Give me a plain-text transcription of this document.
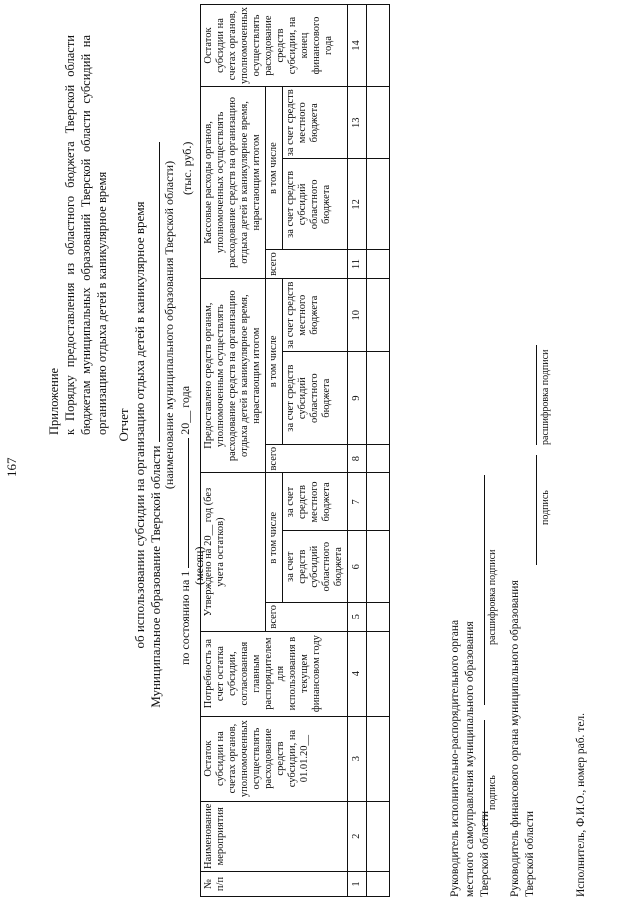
167
Приложение к Порядку предоставления из областного бюджета Тверской области бюджетам муниципальных образований Тверской области субсидий на организацию отдыха детей в каникулярное время Отчет об использовании субсидии на организацию отдыха детей в каникулярное время Муниципальное образование Тверской области
(наименование муниципального образования Тверской области)
по состоянию на 1  20__ года
(месяц)
(тыс. руб.)
№ п/п	Наименование мероприятия	Остаток субсидии на счетах органов, уполномоченных осуществлять расходование средств субсидии, на 01.01.20__	Потребность за счет остатка субсидии, согласованная главным распорядителем для использования в текущем финансовом году	Утверждено на 20__ год (без учета остатков)			Предоставлено средств органам, уполномоченным осуществлять расходование средств на организацию отдыха детей в каникулярное время, нарастающим итогом			Кассовые расходы органов, уполномоченных осуществлять расходование средств на организацию отдыха детей в каникулярное время, нарастающим итогом			Остаток субсидии на счетах органов, уполномоченных осуществлять расходование средств субсидии, на конец финансового года
				всего	в том числе		всего	в том числе		всего	в том числе		
					за счет средств субсидий областного бюджета	за счет средств местного бюджета		за счет средств субсидий областного бюджета	за счет средств местного бюджета		за счет средств субсидий областного бюджета	за счет средств местного бюджета	
1	2	3	4	5	6	7	8	9	10	11	12	13	14

Руководитель исполнительно-распорядительного органа местного самоуправления муниципального образования Тверской области
подпись
расшифровка подписи Руководитель финансового органа муниципального образования Тверской области
подпись
расшифровка подписи
Исполнитель, Ф.И.О., номер раб. тел.
